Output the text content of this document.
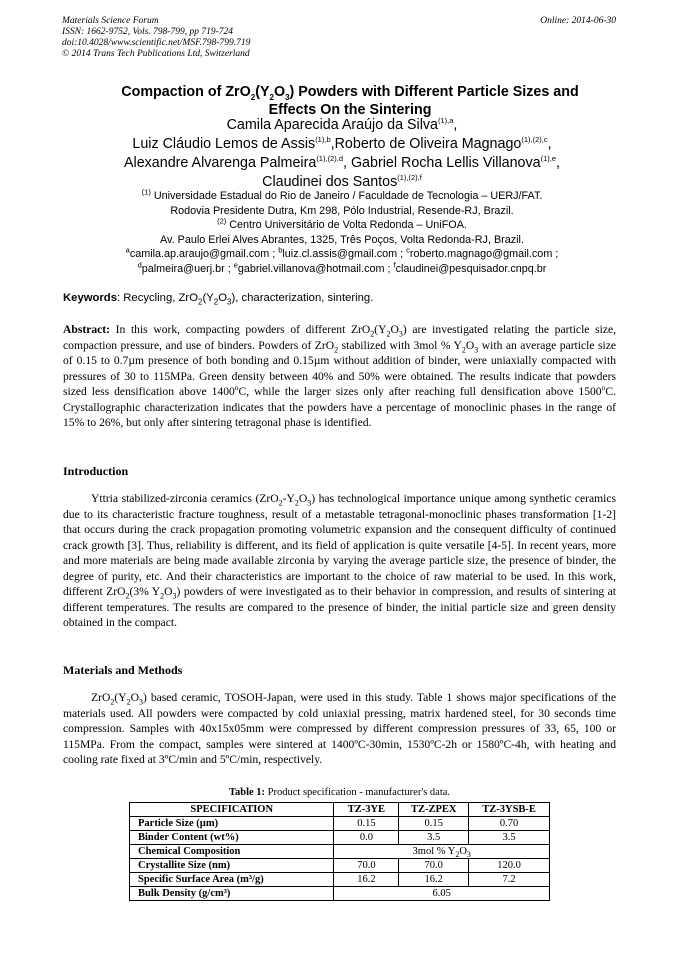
Materials Science Forum
ISSN: 1662-9752, Vols. 798-799, pp 719-724
doi:10.4028/www.scientific.net/MSF.798-799.719
© 2014 Trans Tech Publications Ltd, Switzerland
Online: 2014-06-30
Compaction of $ZrO_2(Y_2O_3)$ Powders with Different Particle Sizes and
Effects On the Sintering
Camila Aparecida Araújo da Silva$^{(1),a}$,
Luiz Cláudio Lemos de Assis$^{(1),b}$,Roberto de Oliveira Magnago$^{(1),(2),c}$,
Alexandre Alvarenga Palmeira$^{(1),(2),d}$, Gabriel Rocha Lellis Villanova$^{(1),e}$,
Claudinei dos Santos$^{(1),(2),f}$
$^{(1)}$ Universidade Estadual do Rio de Janeiro / Faculdade de Tecnologia – UERJ/FAT.
Rodovia Presidente Dutra, Km 298, Pólo Industrial, Resende-RJ, Brazil.
$^{(2)}$ Centro Universitário de Volta Redonda – UniFOA.
Av. Paulo Erlei Alves Abrantes, 1325, Três Poços, Volta Redonda-RJ, Brazil.
$^a$camila.ap.araujo@gmail.com ; $^b$luiz.cl.assis@gmail.com ; $^c$roberto.magnago@gmail.com ;
$^d$palmeira@uerj.br ; $^e$gabriel.villanova@hotmail.com ; $^f$claudinei@pesquisador.cnpq.br
Keywords: Recycling, $ZrO_2(Y_2O_3)$, characterization, sintering.
Abstract: In this work, compacting powders of different $ZrO_2(Y_2O_3)$ are investigated relating the particle size, compaction pressure, and use of binders. Powders of ZrO$_2$ stabilized with 3mol % $Y_2O_3$ with an average particle size of 0.15 to 0.7µm presence of both bonding and 0.15µm without addition of binder, were uniaxially compacted with pressures of 30 to 115MPa. Green density between 40% and 50% were obtained. The results indicate that powders sized less densification above 1400$^o$C, while the larger sizes only after reaching full densification above 1500$^o$C. Crystallographic characterization indicates that the powders have a percentage of monoclinic phases in the range of 15% to 26%, but only after sintering tetragonal phase is identified.
Introduction
Yttria stabilized-zirconia ceramics $(ZrO_2-Y_2O_3)$ has technological importance unique among synthetic ceramics due to its characteristic fracture toughness, result of a metastable tetragonal-monoclinic phases transformation [1-2] that occurs during the crack propagation promoting volumetric expansion and the consequent difficulty of continued crack growth [3]. Thus, reliability is different, and its field of application is quite versatile [4-5]. In recent years, more and more materials are being made available zirconia by varying the average particle size, the presence of binder, the degree of purity, etc. And their characteristics are important to the choice of raw material to be used. In this work, different ZrO$_2$(3% $Y_2O_3$) powders of were investigated as to their behavior in compression, and results of sintering at different temperatures. The results are compared to the presence of binder, the initial particle size and green density obtained in the compact.
Materials and Methods
$ZrO_2(Y_2O_3)$ based ceramic, TOSOH-Japan, were used in this study. Table 1 shows major specifications of the materials used. All powders were compacted by cold uniaxial pressing, matrix hardened steel, for 30 seconds time compression. Samples with 40x15x05mm were compressed by different compression pressures of 33, 65, 100 or 115MPa. From the compact, samples were sintered at 1400ºC-30min, 1530ºC-2h or 1580ºC-4h, with heating and cooling rate fixed at 3ºC/min and 5ºC/min, respectively.
Table 1: Product specification - manufacturer's data.
SPECIFICATION	TZ-3YE	TZ-ZPEX	TZ-3YSB-E
Particle Size (µm)	0.15	0.15	0.70
Binder Content (wt%)	0.0	3.5	3.5
Chemical Composition	3mol % $Y_2O_3$
Crystallite Size (nm)	70.0	70.0	120.0
Specific Surface Area (m³/g)	16.2	16.2	7.2
Bulk Density (g/cm³)	6.05		
